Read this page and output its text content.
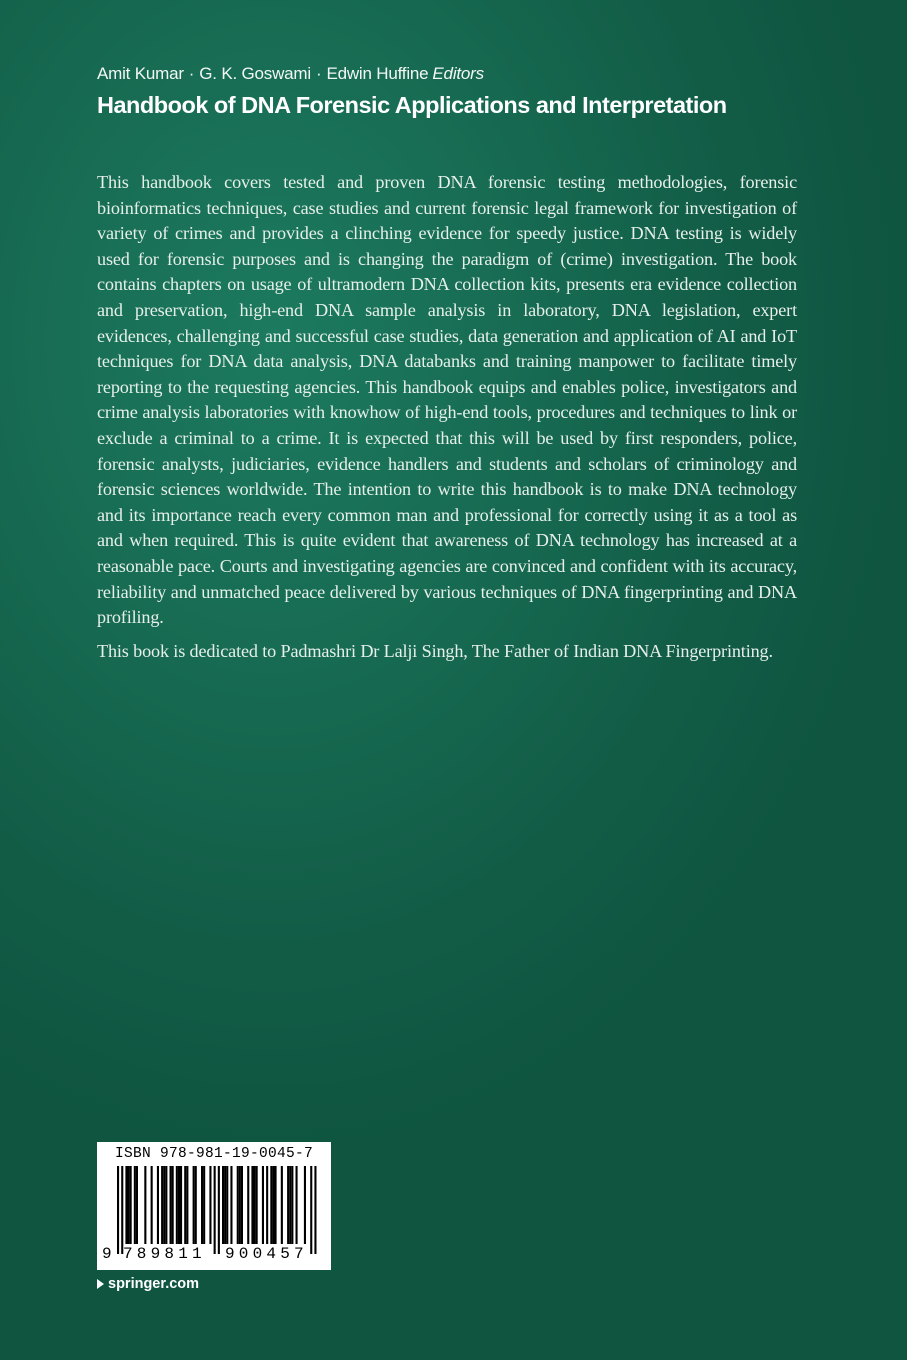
Amit Kumar · G. K. Goswami · Edwin Huffine Editors
Handbook of DNA Forensic Applications and Interpretation

This handbook covers tested and proven DNA forensic testing methodologies, forensic bioinformatics techniques, case studies and current forensic legal framework for investigation of variety of crimes and provides a clinching evidence for speedy justice. DNA testing is widely used for forensic purposes and is changing the paradigm of (crime) investigation. The book contains chapters on usage of ultramodern DNA collection kits, presents era evidence collection and preservation, high-end DNA sample analysis in laboratory, DNA legislation, expert evidences, challenging and successful case studies, data generation and application of AI and IoT techniques for DNA data analysis, DNA databanks and training manpower to facilitate timely reporting to the requesting agencies. This handbook equips and enables police, investigators and crime analysis laboratories with knowhow of high-end tools, procedures and techniques to link or exclude a criminal to a crime. It is expected that this will be used by first responders, police, forensic analysts, judiciaries, evidence handlers and students and scholars of criminology and forensic sciences worldwide. The intention to write this handbook is to make DNA technology and its importance reach every common man and professional for correctly using it as a tool as and when required. This is quite evident that awareness of DNA technology has increased at a reasonable pace. Courts and investigating agencies are convinced and confident with its accuracy, reliability and unmatched peace delivered by various techniques of DNA fingerprinting and DNA profiling.

This book is dedicated to Padmashri Dr Lalji Singh, The Father of Indian DNA Fingerprinting.

ISBN 978-981-19-0045-7
9 789811 900457
springer.com
